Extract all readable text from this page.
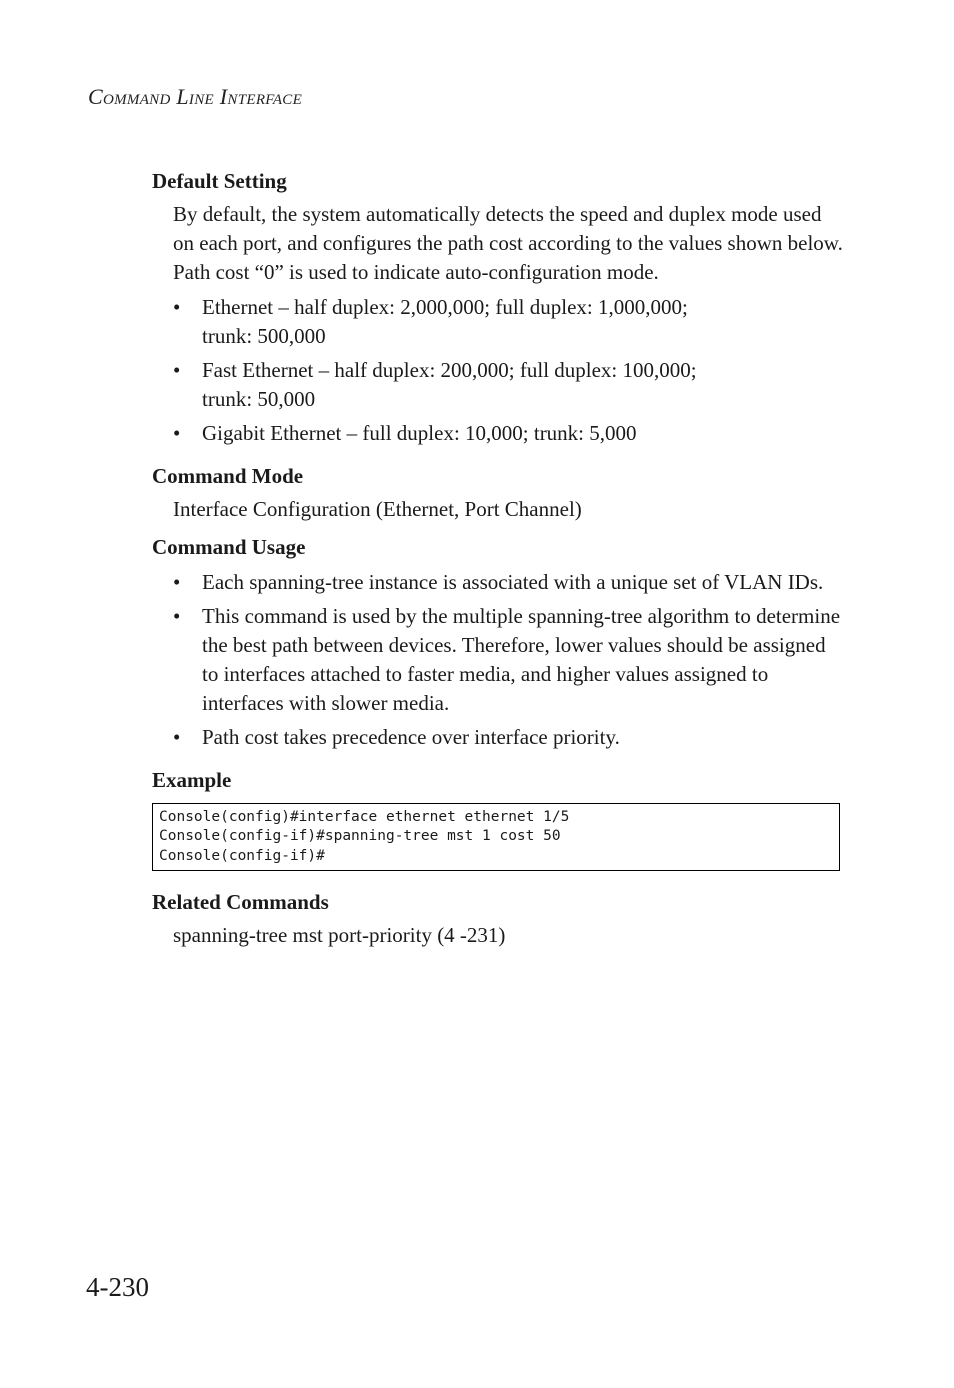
Command Line Interface
Default Setting

By default, the system automatically detects the speed and duplex mode used on each port, and configures the path cost according to the values shown below. Path cost “0” is used to indicate auto-configuration mode.

• Ethernet – half duplex: 2,000,000; full duplex: 1,000,000;
trunk: 500,000
• Fast Ethernet – half duplex: 200,000; full duplex: 100,000;
trunk: 50,000
• Gigabit Ethernet – full duplex: 10,000; trunk: 5,000
Command Mode

Interface Configuration (Ethernet, Port Channel)

Command Usage
• Each spanning-tree instance is associated with a unique set of VLAN IDs.
• This command is used by the multiple spanning-tree algorithm to determine the best path between devices. Therefore, lower values should be assigned to interfaces attached to faster media, and higher values assigned to interfaces with slower media.
• Path cost takes precedence over interface priority.
Example
Console(config)#interface ethernet ethernet 1/5
Console(config-if)#spanning-tree mst 1 cost 50
Console(config-if)#
Related Commands

spanning-tree mst port-priority (4 -231)

4-230
